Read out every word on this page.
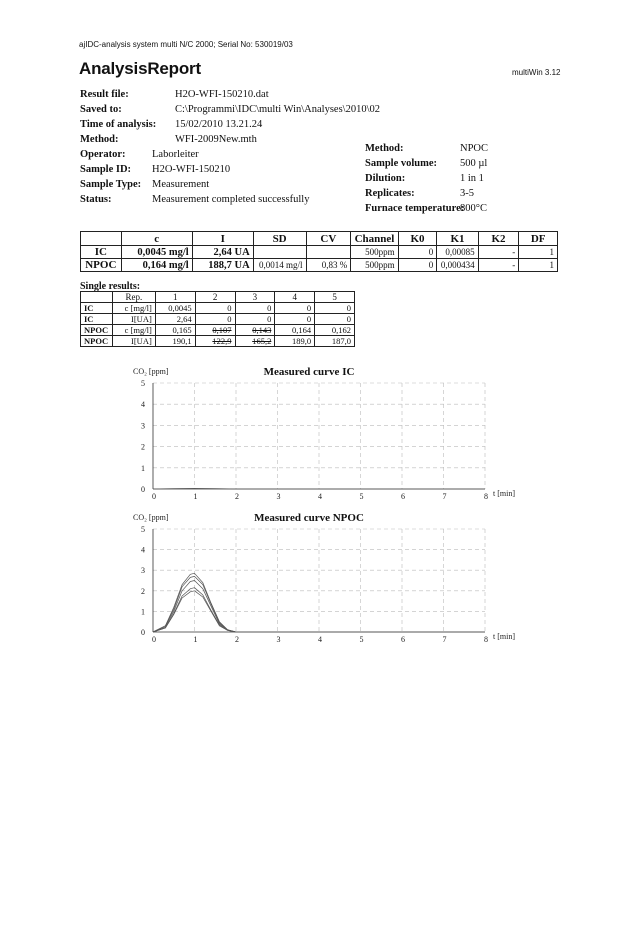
ajIDC-analysis system multi N/C 2000; Serial No: 530019/03
AnalysisReport	multiWin 3.12
Result file:	H2O-WFI-150210.dat
Saved to:	C:\Programmi\IDC\multi Win\Analyses\2010\02
Time of analysis: 15/02/2010 13.21.24
Method:	WFI-2009New.mth
Operator:	Laborleiter
Sample ID: H2O-WFI-150210
Sample Type: Measurement
Status:	Measurement completed successfully
Method:	NPOC
Sample volume: 500 µl
Dilution:	1 in 1
Replicates:	3-5
Furnace temperature:
800°C
	c	I	SD	CV	Channel	K0	K1	K2	DF
IC	0,0045 mg/l	2,64 UA			500ppm	0	0,00085	-	1
NPOC	0,164 mg/l	188,7 UA	0,0014 mg/l	0,83 %	500ppm	0	0,000434	-	1
Single results:
	Rep.	1	2	3	4	5
IC	c [mg/l]	0,0045	0	0	0	0
IC	I[UA]	2,64	0	0	0	0
NPOC	c [mg/l]	0,165	0,107	0,143	0,164	0,162
NPOC	I[UA]	190,1	122,9	165,2	189,0	187,0
0
1
2
3
4
5
0	1	2	3	4	5	6	7	8
CO₂ [ppm]
t [min]
Measured curve IC
0
1
2
3
4
5
0	1	2	3	4	5	6	7	8
CO₂ [ppm]
t [min]
Measured curve NPOC
